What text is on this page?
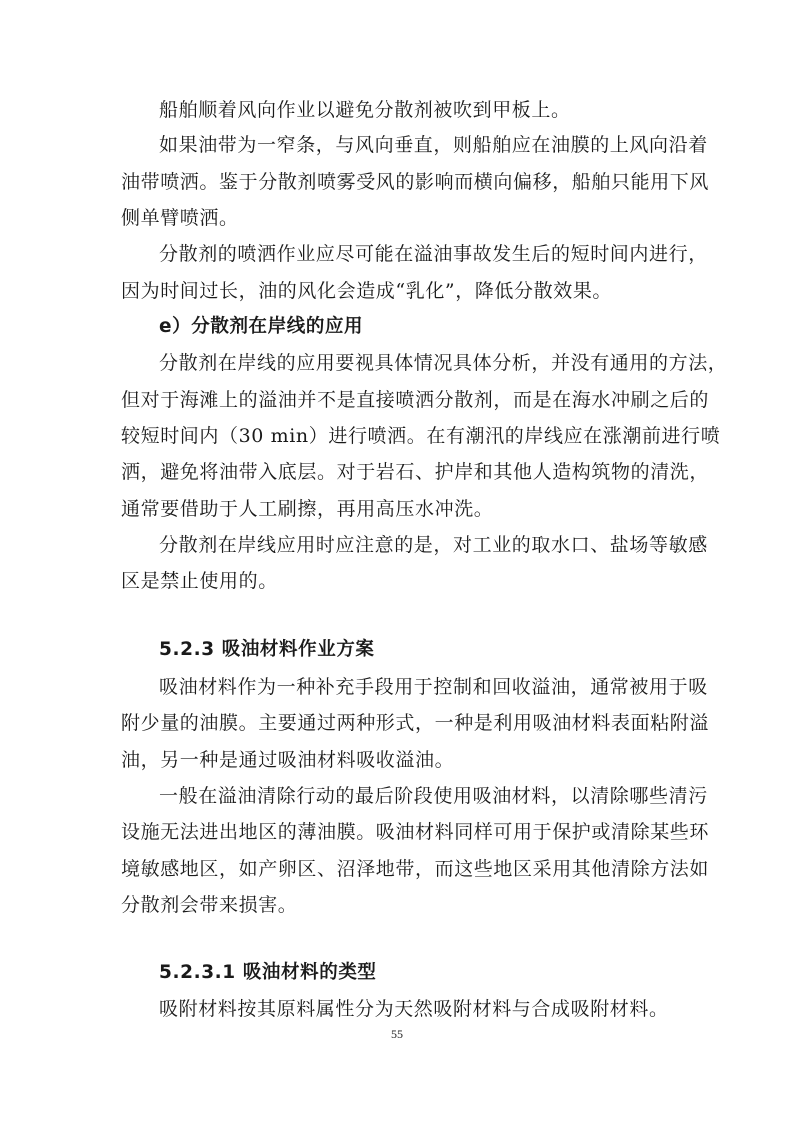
船舶顺着风向作业以避免分散剂被吹到甲板上。
如果油带为一窄条，与风向垂直，则船舶应在油膜的上风向沿着
油带喷洒。鉴于分散剂喷雾受风的影响而横向偏移，船舶只能用下风
侧单臂喷洒。
分散剂的喷洒作业应尽可能在溢油事故发生后的短时间内进行，
因为时间过长，油的风化会造成“乳化”，降低分散效果。
e）分散剂在岸线的应用
分散剂在岸线的应用要视具体情况具体分析，并没有通用的方法，
但对于海滩上的溢油并不是直接喷洒分散剂，而是在海水冲刷之后的
较短时间内（30 min）进行喷洒。在有潮汛的岸线应在涨潮前进行喷
洒，避免将油带入底层。对于岩石、护岸和其他人造构筑物的清洗，
通常要借助于人工刷擦，再用高压水冲洗。
分散剂在岸线应用时应注意的是，对工业的取水口、盐场等敏感
区是禁止使用的。
5.2.3 吸油材料作业方案
吸油材料作为一种补充手段用于控制和回收溢油，通常被用于吸
附少量的油膜。主要通过两种形式，一种是利用吸油材料表面粘附溢
油，另一种是通过吸油材料吸收溢油。
一般在溢油清除行动的最后阶段使用吸油材料，以清除哪些清污
设施无法进出地区的薄油膜。吸油材料同样可用于保护或清除某些环
境敏感地区，如产卵区、沼泽地带，而这些地区采用其他清除方法如
分散剂会带来损害。
5.2.3.1 吸油材料的类型
吸附材料按其原料属性分为天然吸附材料与合成吸附材料。
55
